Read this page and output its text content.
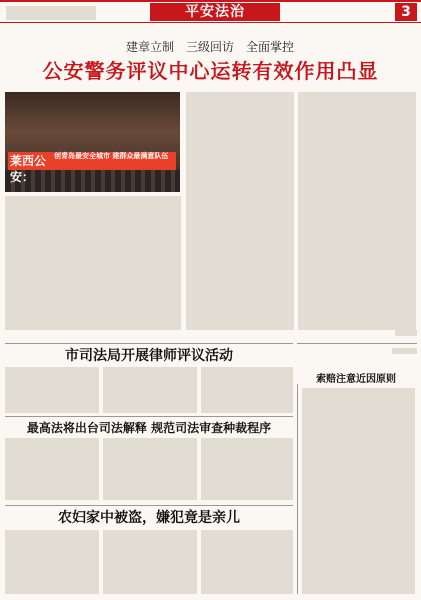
平安法治	3
建章立制　三级回访　全面掌控
公安警务评议中心运转有效作用凸显
莱西公安：
创青岛最安全城市 建群众最满意队伍
市司法局开展律师评议活动
最高法将出台司法解释 规范司法审查种裁程序
农妇家中被盗，嫌犯竟是亲儿
索赔注意近因原则
